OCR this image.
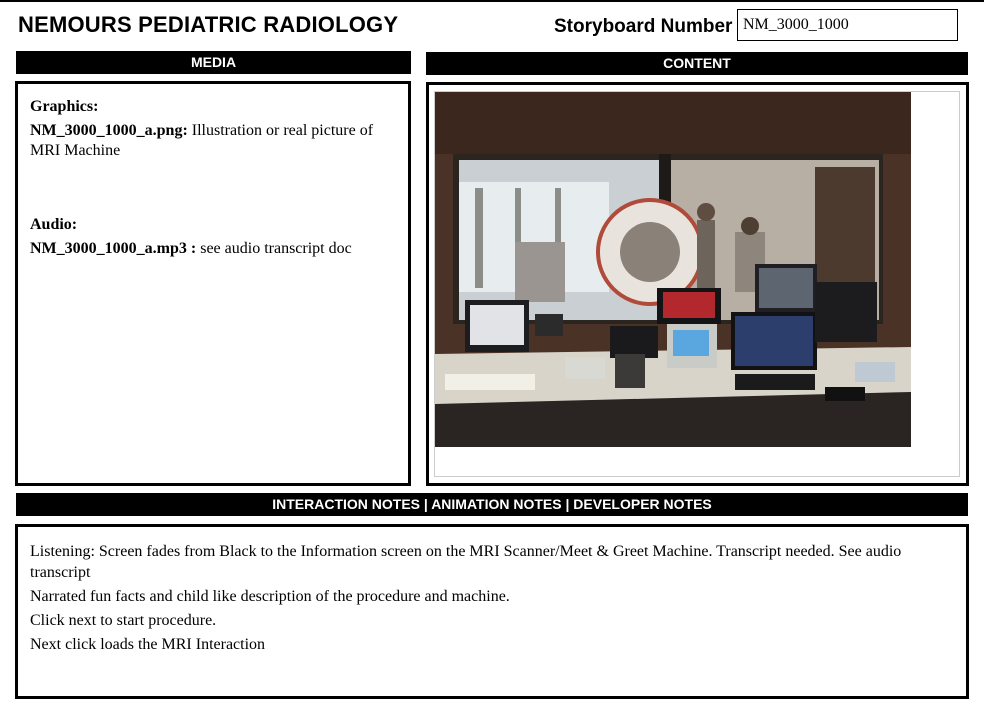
NEMOURS PEDIATRIC RADIOLOGY	Storyboard Number NM_3000_1000
MEDIA
Graphics:
NM_3000_1000_a.png: Illustration or real picture of MRI Machine
Audio:
NM_3000_1000_a.mp3 : see audio transcript doc
CONTENT
INTERACTION NOTES | ANIMATION NOTES | DEVELOPER NOTES
Listening: Screen fades from Black to the Information screen on the MRI Scanner/Meet & Greet Machine. Transcript needed. See audio transcript
Narrated fun facts and child like description of the procedure and machine.
Click next to start procedure.
Next click loads the MRI Interaction
